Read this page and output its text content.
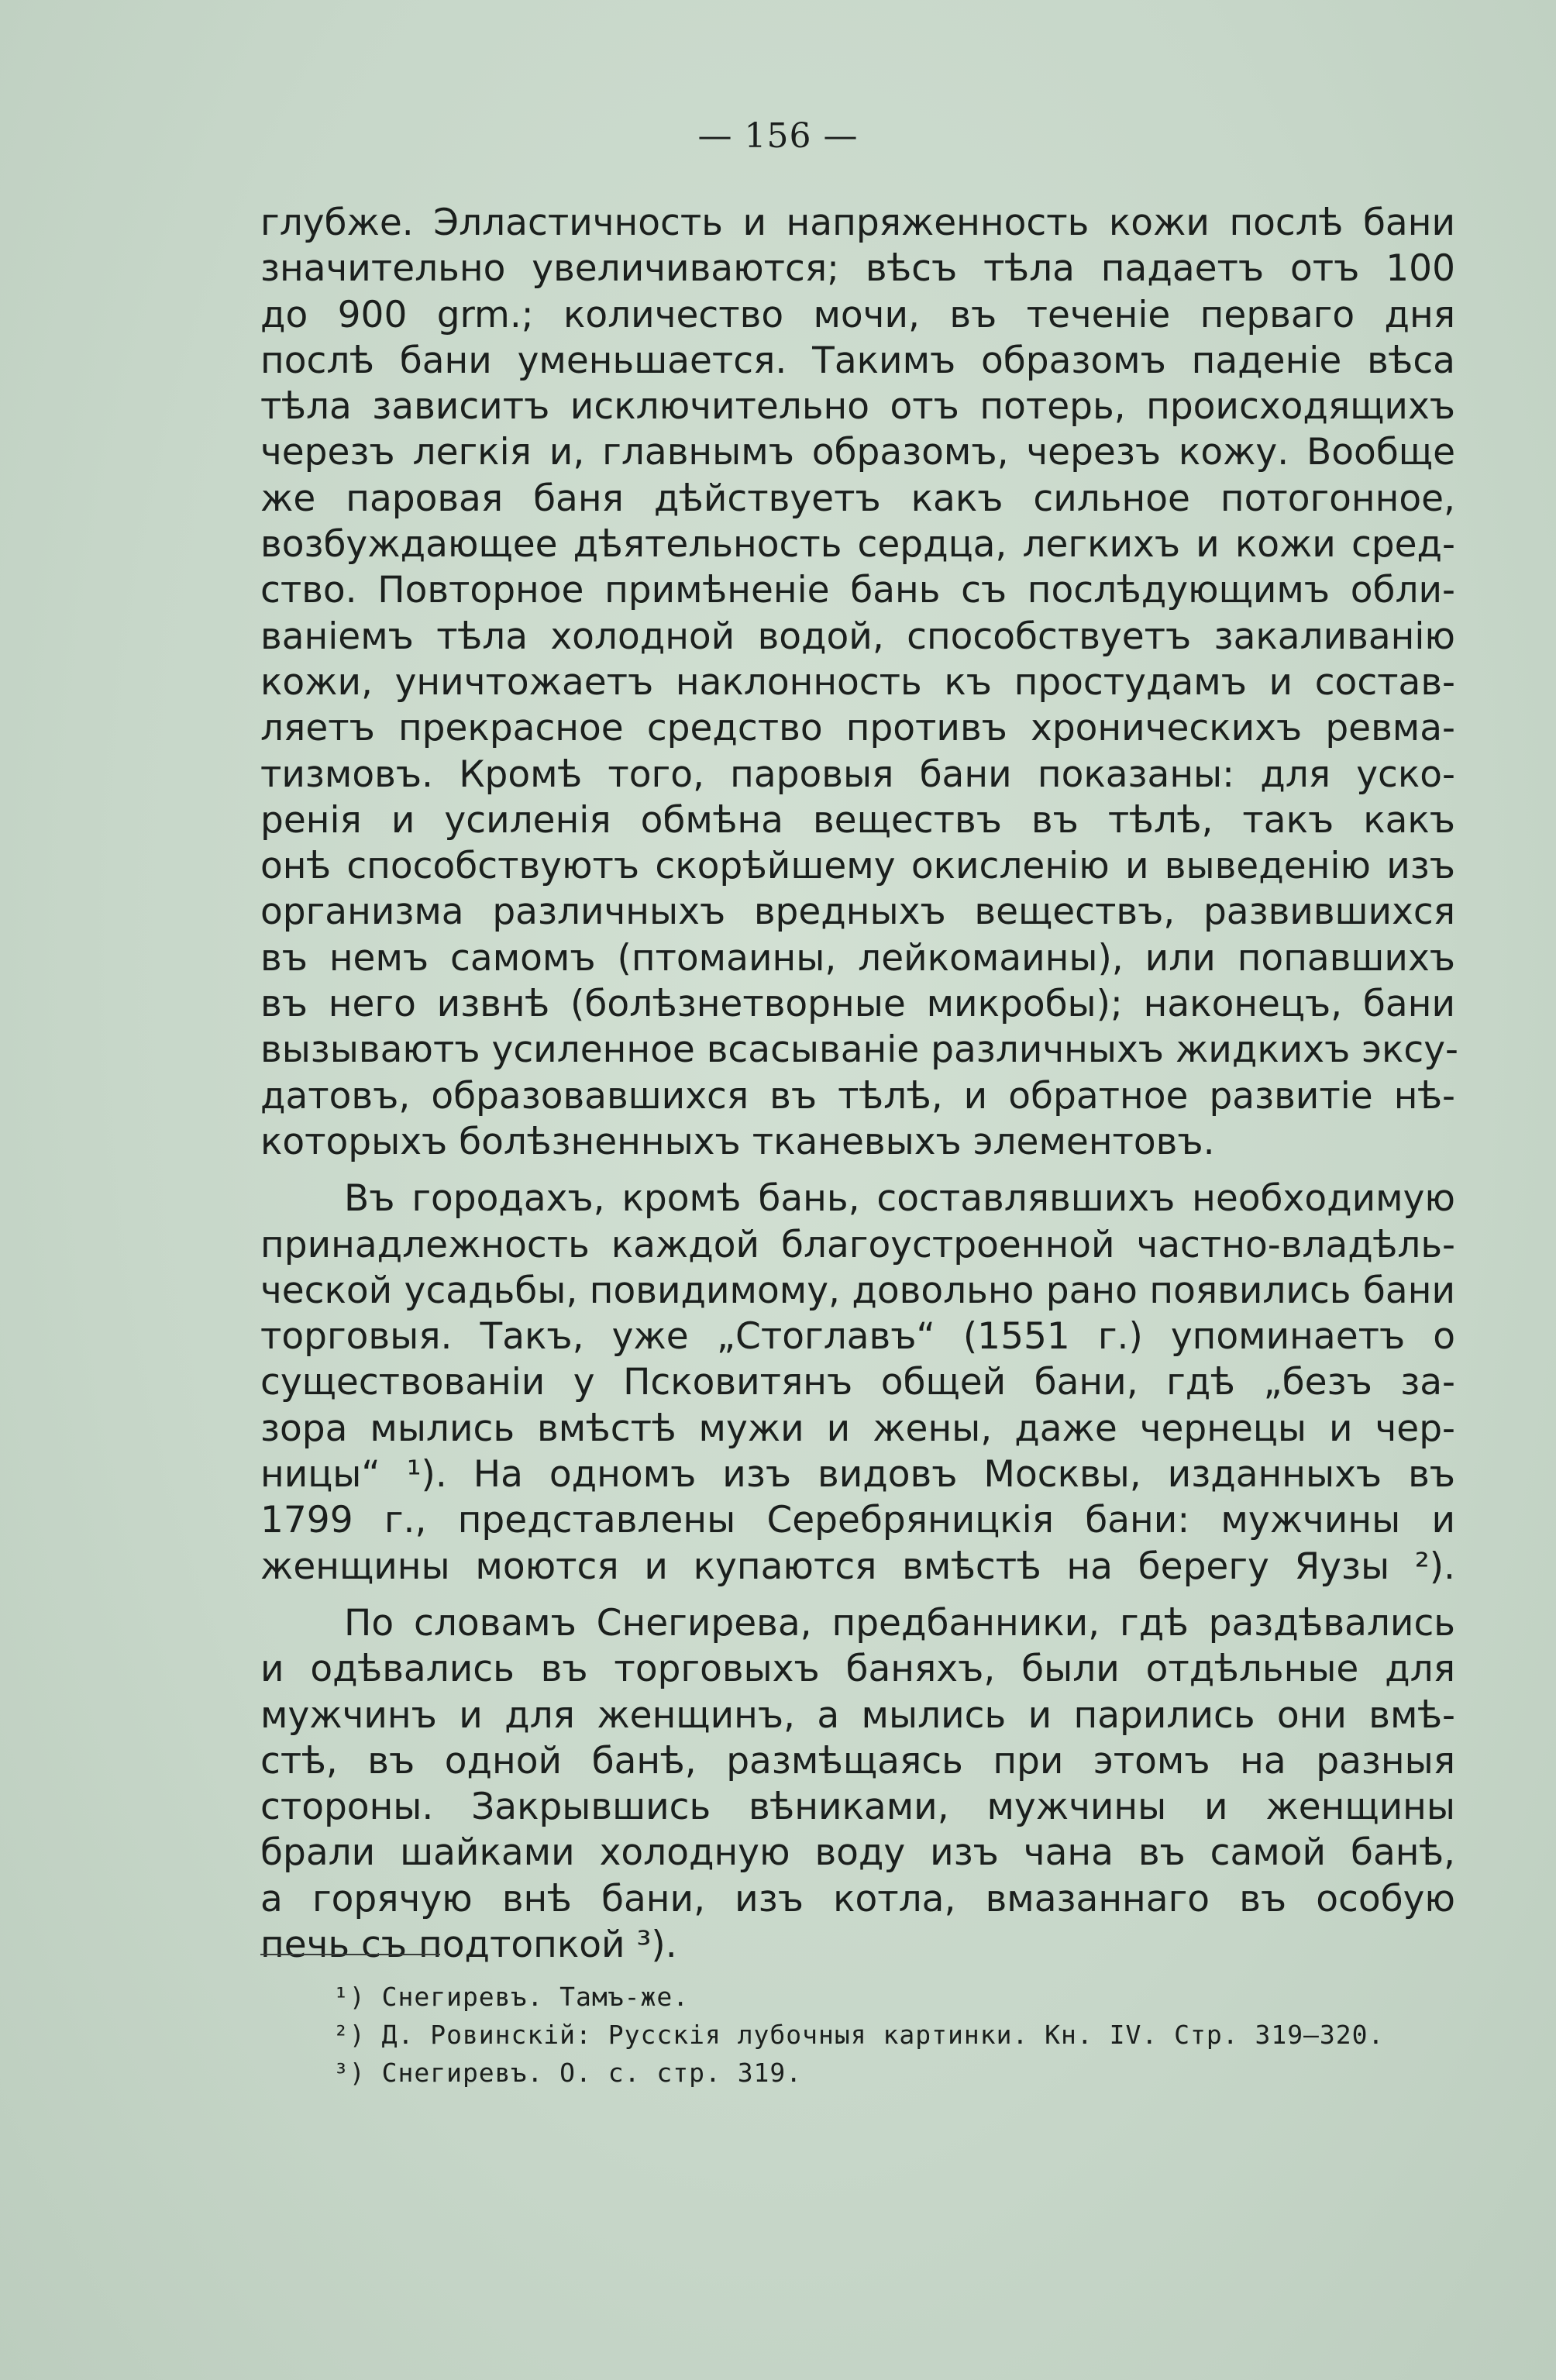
— 156 —
глубже. Элластичность и напряженность кожи послѣ бани
значительно увеличиваются; вѣсъ тѣла падаетъ отъ 100
до 900 grm.; количество мочи, въ теченіе перваго дня
послѣ бани уменьшается. Такимъ образомъ паденіе вѣса
тѣла зависитъ исключительно отъ потерь, происходящихъ
черезъ легкія и, главнымъ образомъ, черезъ кожу. Вообще
же паровая баня дѣйствуетъ какъ сильное потогонное,
возбуждающее дѣятельность сердца, легкихъ и кожи сред-
ство. Повторное примѣненіе бань съ послѣдующимъ обли-
ваніемъ тѣла холодной водой, способствуетъ закаливанію
кожи, уничтожаетъ наклонность къ простудамъ и состав-
ляетъ прекрасное средство противъ хроническихъ ревма-
тизмовъ. Кромѣ того, паровыя бани показаны: для уско-
ренія и усиленія обмѣна веществъ въ тѣлѣ, такъ какъ
онѣ способствуютъ скорѣйшему окисленію и выведенію изъ
организма различныхъ вредныхъ веществъ, развившихся
въ немъ самомъ (птомаины, лейкомаины), или попавшихъ
въ него извнѣ (болѣзнетворные микробы); наконецъ, бани
вызываютъ усиленное всасываніе различныхъ жидкихъ эксу-
датовъ, образовавшихся въ тѣлѣ, и обратное развитіе нѣ-
которыхъ болѣзненныхъ тканевыхъ элементовъ.
Въ городахъ, кромѣ бань, составлявшихъ необходимую
принадлежность каждой благоустроенной частно-владѣль-
ческой усадьбы, повидимому, довольно рано появились бани
торговыя. Такъ, уже „Стоглавъ“ (1551 г.) упоминаетъ о
существованіи у Псковитянъ общей бани, гдѣ „безъ за-
зора мылись вмѣстѣ мужи и жены, даже чернецы и чер-
ницы“ ¹). На одномъ изъ видовъ Москвы, изданныхъ въ
1799 г., представлены Серебряницкія бани: мужчины и
женщины моются и купаются вмѣстѣ на берегу Яузы ²).
По словамъ Снегирева, предбанники, гдѣ раздѣвались
и одѣвались въ торговыхъ баняхъ, были отдѣльные для
мужчинъ и для женщинъ, а мылись и парились они вмѣ-
стѣ, въ одной банѣ, размѣщаясь при этомъ на разныя
стороны. Закрывшись вѣниками, мужчины и женщины
брали шайками холодную воду изъ чана въ самой банѣ,
а горячую внѣ бани, изъ котла, вмазаннаго въ особую
печь съ подтопкой ³).
¹) Снегиревъ. Тамъ-же.
²) Д. Ровинскій: Русскія лубочныя картинки. Кн. IV. Стр. 319—320.
³) Снегиревъ. О. с. стр. 319.
